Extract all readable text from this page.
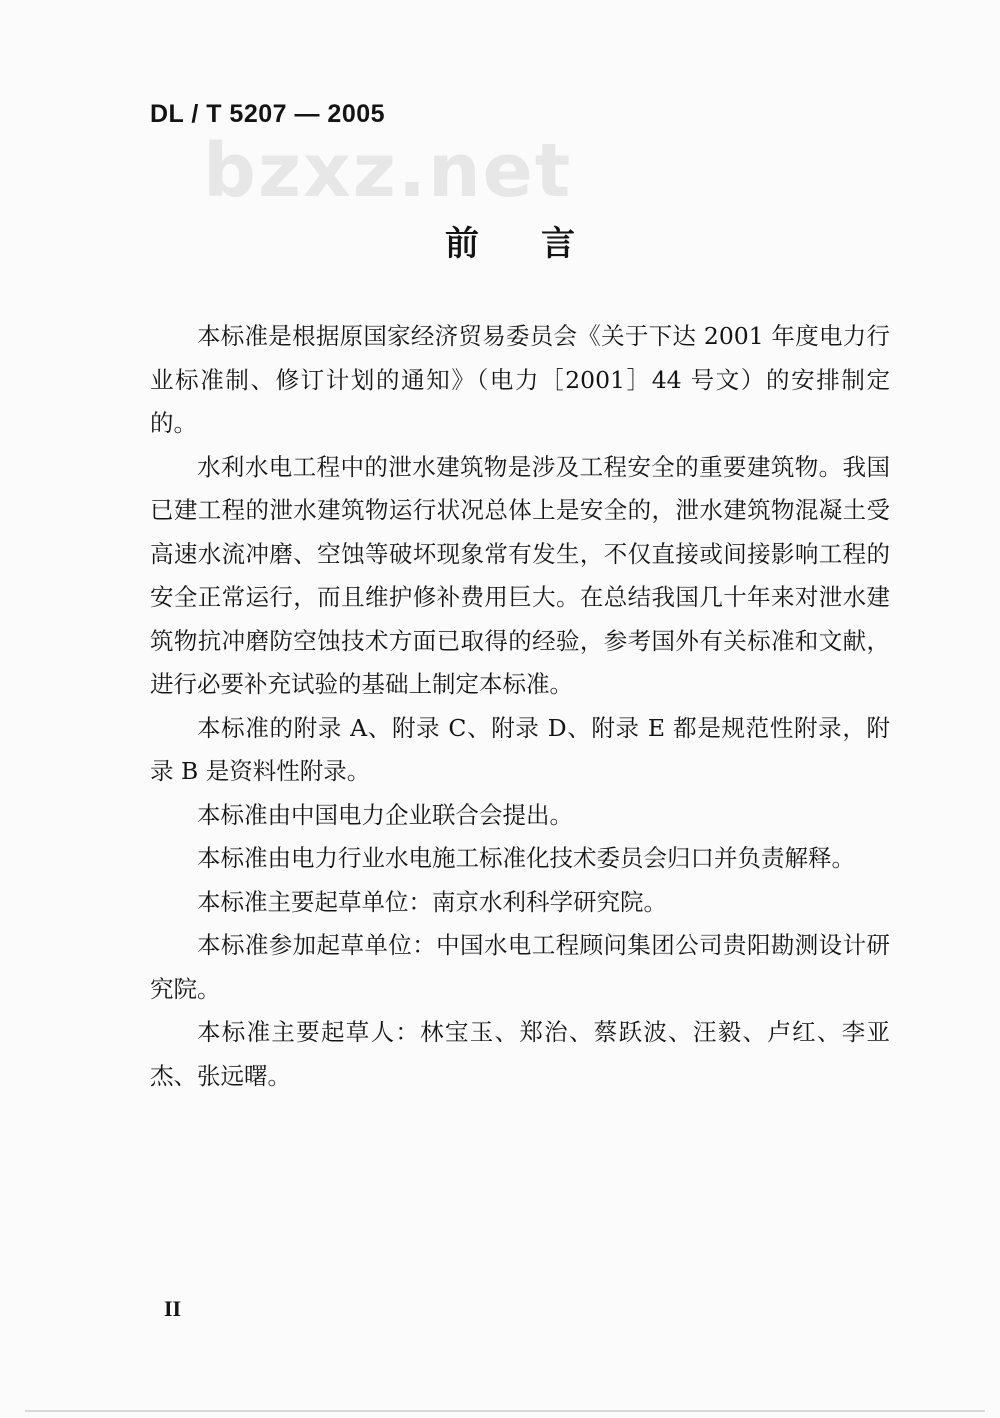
DL / T 5207 — 2005
bzxz.net
前 言

本标准是根据原国家经济贸易委员会《关于下达 2001 年度电力行业标准制、修订计划的通知》（电力［2001］44 号文）的安排制定的。

水利水电工程中的泄水建筑物是涉及工程安全的重要建筑物。我国已建工程的泄水建筑物运行状况总体上是安全的，泄水建筑物混凝土受高速水流冲磨、空蚀等破坏现象常有发生，不仅直接或间接影响工程的安全正常运行，而且维护修补费用巨大。在总结我国几十年来对泄水建筑物抗冲磨防空蚀技术方面已取得的经验，参考国外有关标准和文献，进行必要补充试验的基础上制定本标准。

本标准的附录 A、附录 C、附录 D、附录 E 都是规范性附录，附录 B 是资料性附录。

本标准由中国电力企业联合会提出。

本标准由电力行业水电施工标准化技术委员会归口并负责解释。

本标准主要起草单位：南京水利科学研究院。

本标准参加起草单位：中国水电工程顾问集团公司贵阳勘测设计研究院。

本标准主要起草人：林宝玉、郑治、蔡跃波、汪毅、卢红、李亚杰、张远曙。

II
